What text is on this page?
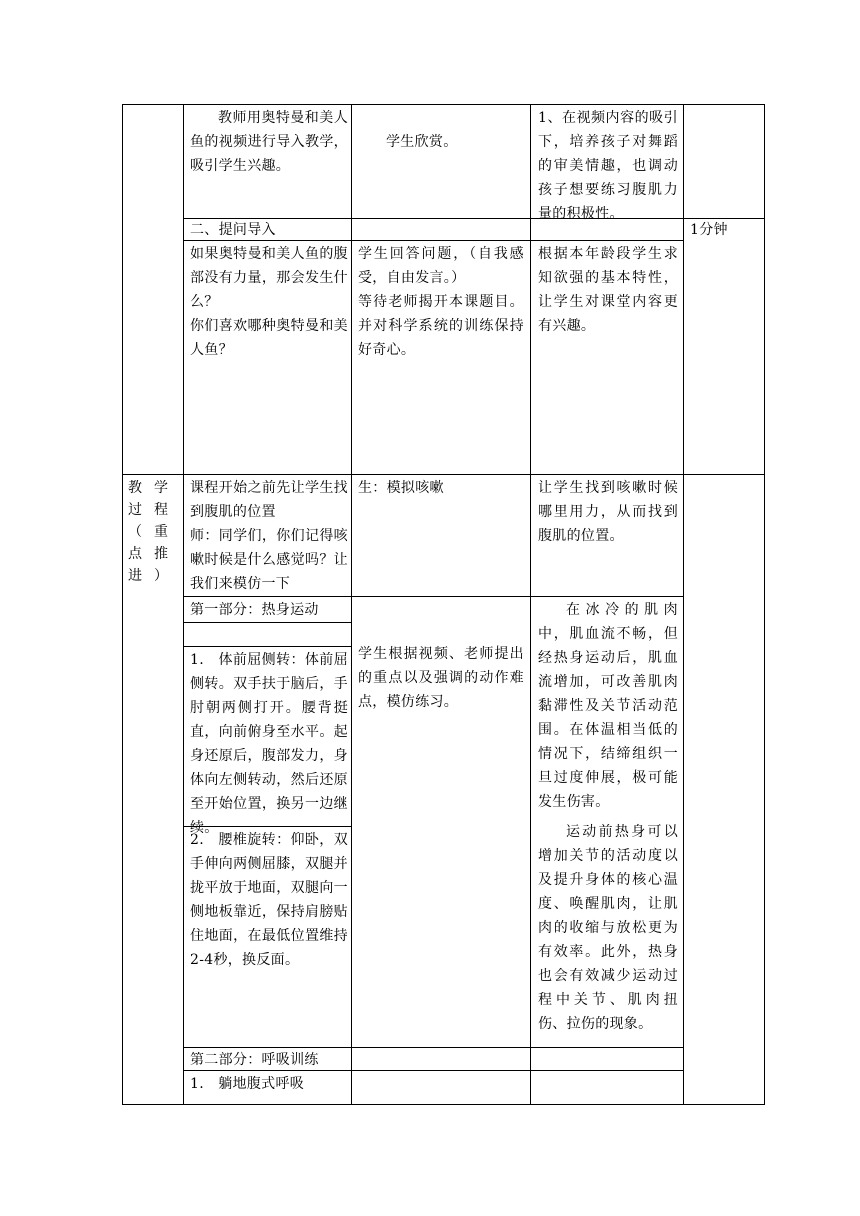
教师用奥特曼和美人鱼的视频进行导入教学，吸引学生兴趣。
学生欣赏。
1、在视频内容的吸引下，培养孩子对舞蹈的审美情趣，也调动孩子想要练习腹肌力量的积极性。
二、提问导入	1分钟

如果奥特曼和美人鱼的腹部没有力量，那会发生什么？

你们喜欢哪种奥特曼和美人鱼？

学生回答问题，（自我感受，自由发言。）

等待老师揭开本课题目。并对科学系统的训练保持好奇心。

根据本年龄段学生求知欲强的基本特性，让学生对课堂内容更有兴趣。
教学过程（重点推进）

课程开始之前先让学生找到腹肌的位置

师：同学们，你们记得咳嗽时候是什么感觉吗？让我们来模仿一下

生：模拟咳嗽	让学生找到咳嗽时候哪里用力，从而找到腹肌的位置。
第一部分：热身运动
1.　体前屈侧转：体前屈侧转。双手扶于脑后，手肘朝两侧打开。腰背挺直，向前俯身至水平。起身还原后，腹部发力，身体向左侧转动，然后还原至开始位置，换另一边继续。
2.　腰椎旋转：仰卧，双手伸向两侧屈膝，双腿并拢平放于地面，双腿向一侧地板靠近，保持肩膀贴住地面，在最低位置维持2-4秒，换反面。
学生根据视频、老师提出的重点以及强调的动作难点，模仿练习。
在冰冷的肌肉中，肌血流不畅，但经热身运动后，肌血流增加，可改善肌肉黏滞性及关节活动范围。在体温相当低的情况下，结缔组织一旦过度伸展，极可能发生伤害。
运动前热身可以增加关节的活动度以及提升身体的核心温度、唤醒肌肉，让肌肉的收缩与放松更为有效率。此外，热身也会有效减少运动过程中关节、肌肉扭伤、拉伤的现象。
第二部分：呼吸训练
1.　躺地腹式呼吸
